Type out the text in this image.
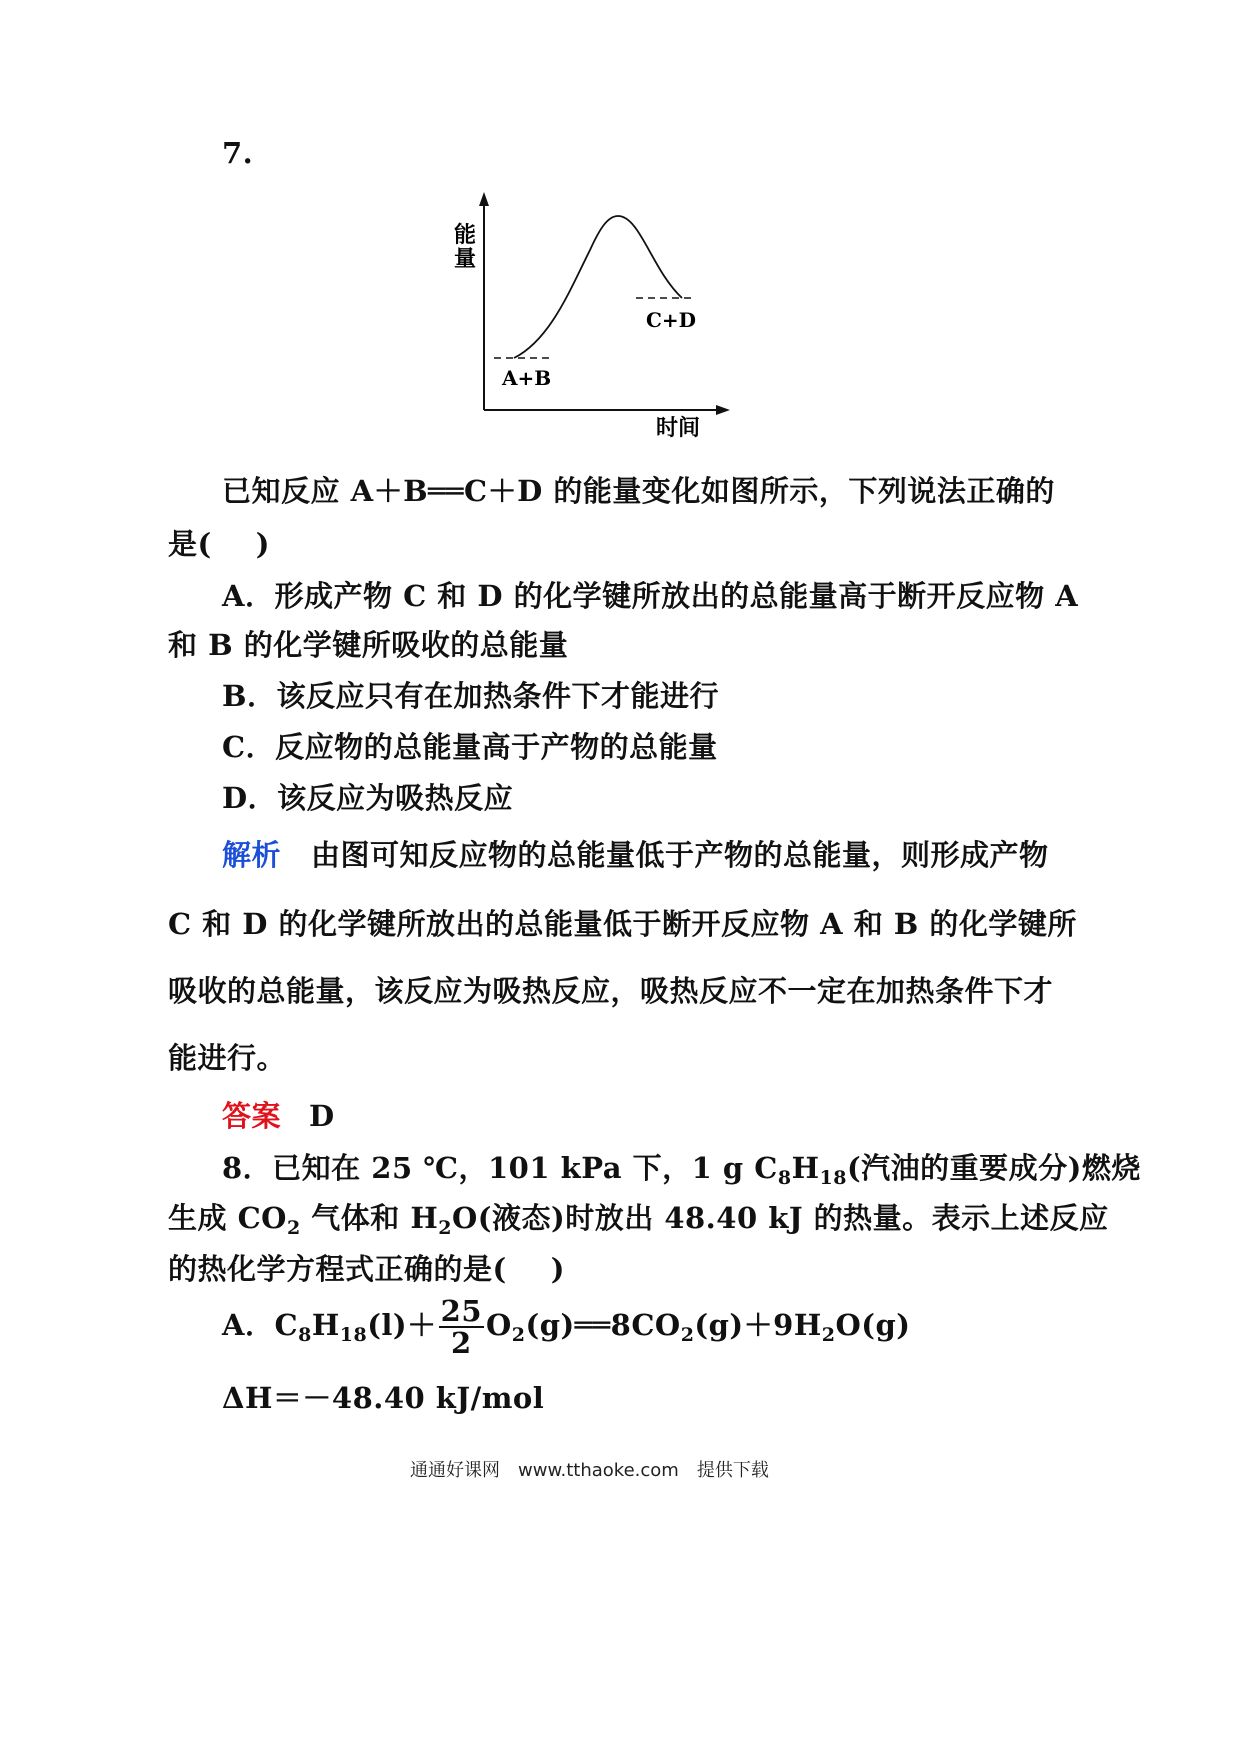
7.
能
量
时间
A+B
C+D
已知反应 A＋B══C＋D 的能量变化如图所示，下列说法正确的
是( )
A．形成产物 C 和 D 的化学键所放出的总能量高于断开反应物 A
和 B 的化学键所吸收的总能量
B．该反应只有在加热条件下才能进行
C．反应物的总能量高于产物的总能量
D．该反应为吸热反应
解析 由图可知反应物的总能量低于产物的总能量，则形成产物
C 和 D 的化学键所放出的总能量低于断开反应物 A 和 B 的化学键所
吸收的总能量，该反应为吸热反应，吸热反应不一定在加热条件下才
能进行。
答案 D
8．已知在 25 ℃，101 kPa 下，1 g $C_8H_{18}$(汽油的重要成分)燃烧
生成 $CO_2$ 气体和 $H_2O$(液态)时放出 48.40 kJ 的热量。表示上述反应
的热化学方程式正确的是( )
A．$C_8H_{18}(l)+ \frac{25}{2}$ $O_2(g)══8CO_2(g)+9H_2O(g)$
ΔH＝－48.40 kJ/mol
通通好课网　www.tthaoke.com　提供下载
